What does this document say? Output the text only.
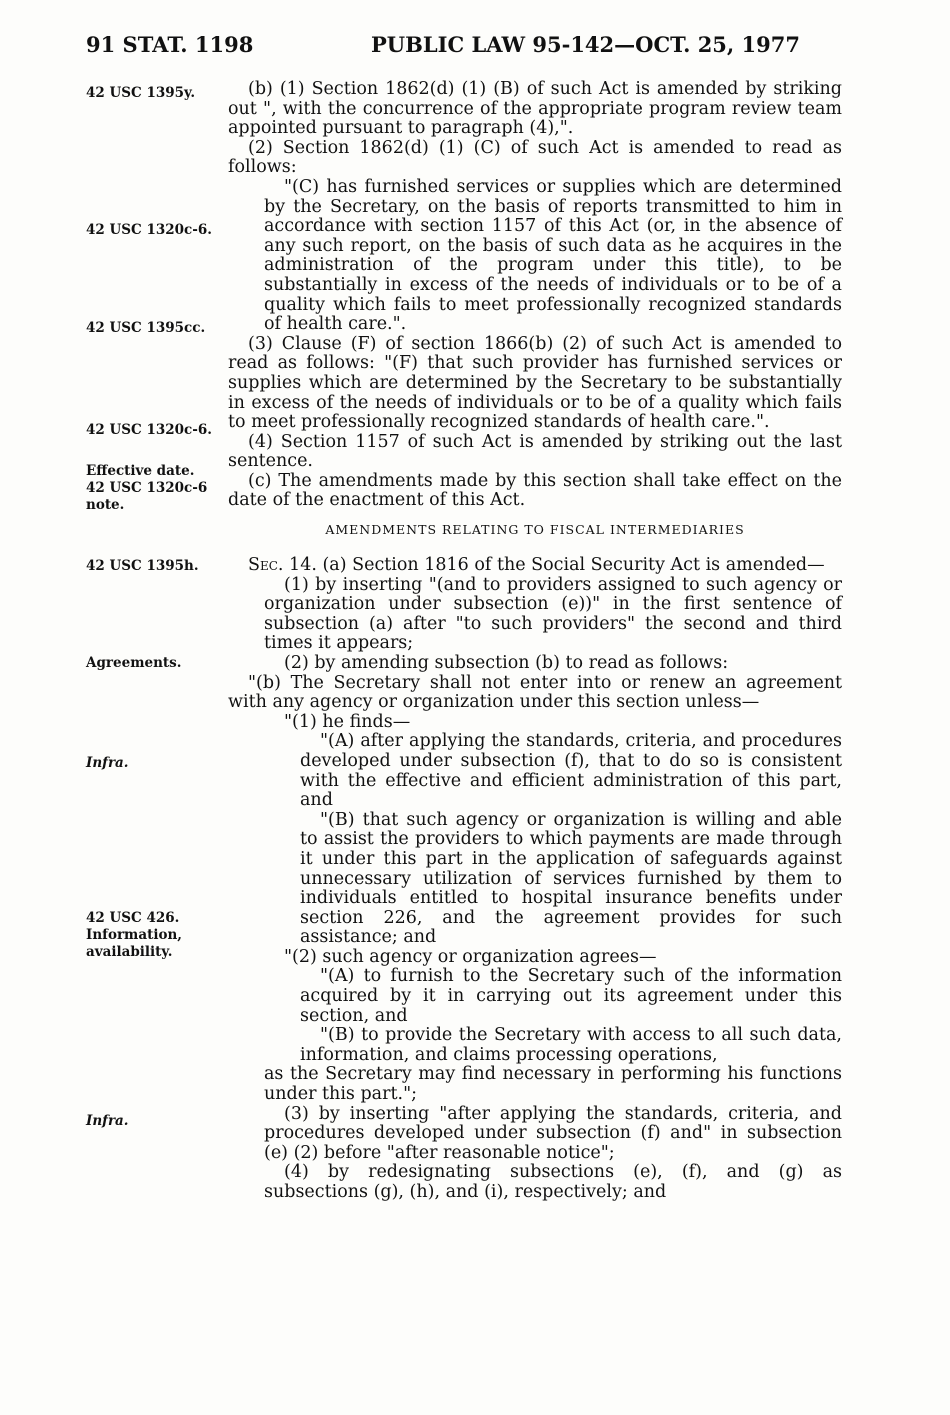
91 STAT. 1198	PUBLIC LAW 95-142—OCT. 25, 1977
42 USC 1395y.
42 USC 1320c-6.
42 USC 1395cc.
42 USC 1320c-6.
Effective date.
42 USC 1320c-6
note.
42 USC 1395h.
Agreements.
Infra.
42 USC 426.
Information,
availability.
Infra.

(b) (1) Section 1862(d) (1) (B) of such Act is amended by striking out ", with the concurrence of the appropriate program review team appointed pursuant to paragraph (4),".

(2) Section 1862(d) (1) (C) of such Act is amended to read as follows:

"(C) has furnished services or supplies which are determined by the Secretary, on the basis of reports transmitted to him in accordance with section 1157 of this Act (or, in the absence of any such report, on the basis of such data as he acquires in the administration of the program under this title), to be substantially in excess of the needs of individuals or to be of a quality which fails to meet professionally recognized standards of health care.".

(3) Clause (F) of section 1866(b) (2) of such Act is amended to read as follows: "(F) that such provider has furnished services or supplies which are determined by the Secretary to be substantially in excess of the needs of individuals or to be of a quality which fails to meet professionally recognized standards of health care.".

(4) Section 1157 of such Act is amended by striking out the last sentence.

(c) The amendments made by this section shall take effect on the date of the enactment of this Act.

AMENDMENTS RELATING TO FISCAL INTERMEDIARIES

Sec. 14. (a) Section 1816 of the Social Security Act is amended—

(1) by inserting "(and to providers assigned to such agency or organization under subsection (e))" in the first sentence of subsection (a) after "to such providers" the second and third times it appears;

(2) by amending subsection (b) to read as follows:

"(b) The Secretary shall not enter into or renew an agreement with any agency or organization under this section unless—

"(1) he finds—

"(A) after applying the standards, criteria, and procedures developed under subsection (f), that to do so is consistent with the effective and efficient administration of this part, and

"(B) that such agency or organization is willing and able to assist the providers to which payments are made through it under this part in the application of safeguards against unnecessary utilization of services furnished by them to individuals entitled to hospital insurance benefits under section 226, and the agreement provides for such assistance; and

"(2) such agency or organization agrees—

"(A) to furnish to the Secretary such of the information acquired by it in carrying out its agreement under this section, and

"(B) to provide the Secretary with access to all such data, information, and claims processing operations,

as the Secretary may find necessary in performing his functions under this part.";

(3) by inserting "after applying the standards, criteria, and procedures developed under subsection (f) and" in subsection (e) (2) before "after reasonable notice";

(4) by redesignating subsections (e), (f), and (g) as subsections (g), (h), and (i), respectively; and
